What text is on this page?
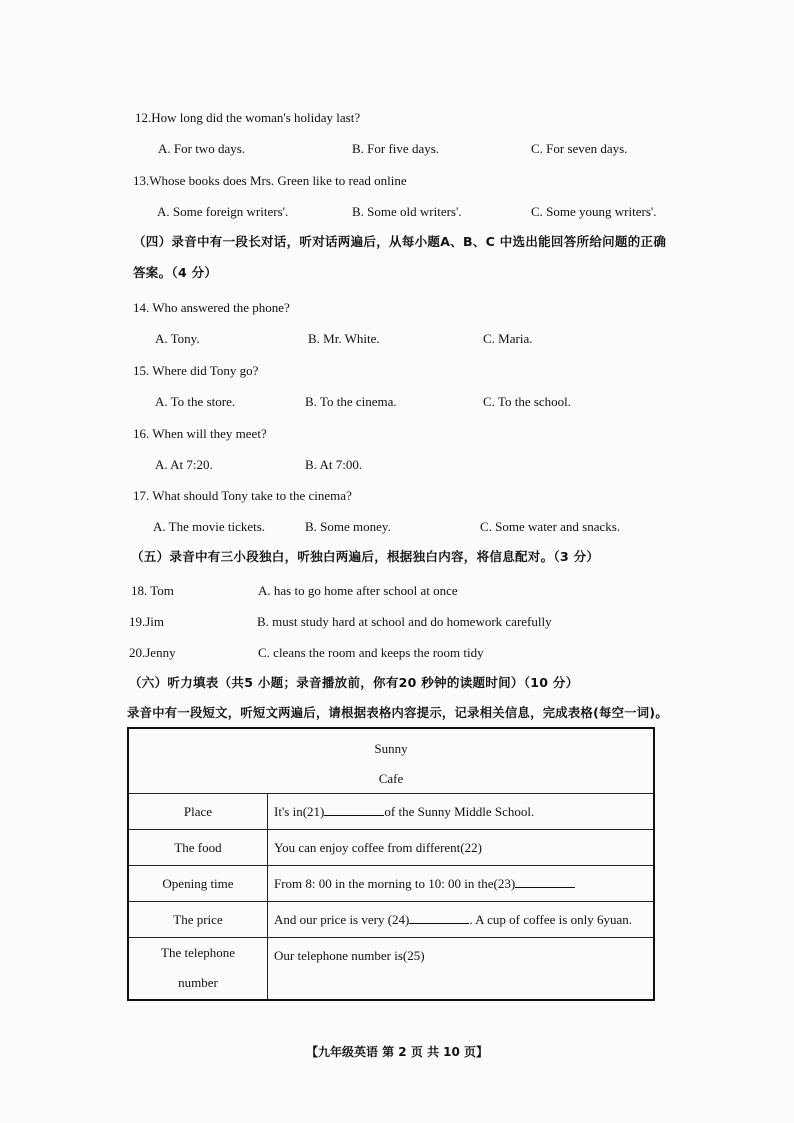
12.How long did the woman's holiday last?
A. For two days.	B. For five days.	C. For seven days.
13.Whose books does Mrs. Green like to read online
A. Some foreign writers'.	B. Some old writers'.	C. Some young writers'.
（四）录音中有一段长对话，听对话两遍后，从每小题A、B、C 中选出能回答所给问题的正确
答案。（4 分）
14. Who answered the phone?
A. Tony.	B. Mr. White.	C. Maria.
15. Where did Tony go?
A. To the store.	B. To the cinema.	C. To the school.
16. When will they meet?
A. At 7:20.	B. At 7:00.
17. What should Tony take to the cinema?
A. The movie tickets.	B. Some money.	C. Some water and snacks.
（五）录音中有三小段独白，听独白两遍后，根据独白内容，将信息配对。（3 分）
18. Tom	A. has to go home after school at once
19.Jim	B. must study hard at school and do homework carefully
20.Jenny	C. cleans the room and keeps the room tidy
（六）听力填表（共5 小题；录音播放前，你有20 秒钟的读题时间）（10 分）
录音中有一段短文，听短文两遍后，请根据表格内容提示，记录相关信息，完成表格(每空一词)。
Sunny
Cafe	

Place	It's in(21) of the Sunny Middle School.
The food	You can enjoy coffee from different(22)
Opening time	From 8: 00 in the morning to 10: 00 in the(23)
The price	And our price is very (24) . A cup of coffee is only 6yuan.

The telephone
number	Our telephone number is(25)
【九年级英语 第 2 页 共 10 页】
